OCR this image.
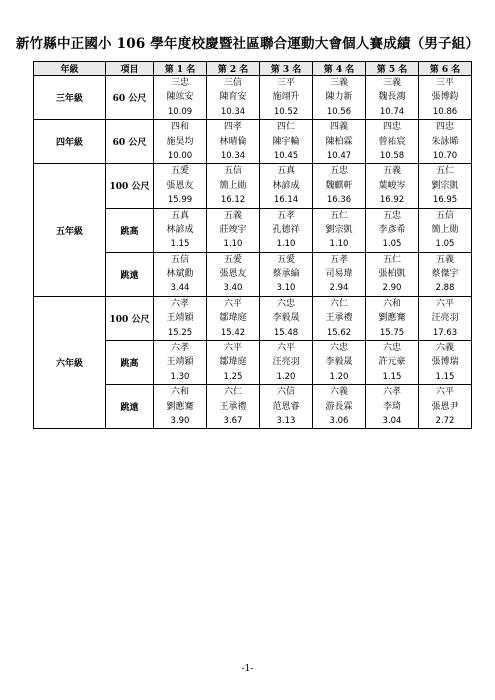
新竹縣中正國小 106 學年度校慶暨社區聯合運動大會個人賽成績（男子組）
年級	項目	第 1 名	第 2 名	第 3 名	第 4 名	第 5 名	第 6 名
三年級	60 公尺	三忠
陳竑安
10.09	三信
陳育安
10.34	三平
施翊升
10.52	三義
陳力新
10.56	三義
魏長鴻
10.74	三平
張博鈞
10.86

四年級	60 公尺	四和
施昊均
10.00	四孝
林晴倫
10.34	四仁
陳宇輪
10.45	四義
陳柏霖
10.47	四忠
曾祐宸
10.58	四忠
朱詠晞
10.70

五年級	100 公尺	五愛
張恩友
15.99	五信
簡上勛
16.12	五真
林諺成
16.14	五忠
魏麒軒
16.36	五義
葉峻岑
16.92	五仁
劉宗凱
16.95

	跳高	五真
林諺成
1.15	五義
莊竣宇
1.10	五孝
孔德祥
1.10	五仁
劉宗凱
1.10	五忠
李彥希
1.05	五信
簡上勛
1.05

	跳遠	五信
林斌勳
3.44	五愛
張恩友
3.40	五愛
蔡承綸
3.10	五孝
司易瑋
2.94	五仁
張柏凱
2.90	五義
蔡傑宇
2.88

六年級	100 公尺	六孝
王靖穎
15.25	六平
鄒瑋庭
15.42	六忠
李毅晟
15.48	六仁
王承禮
15.62	六和
劉應騫
15.75	六平
汪亮羽
17.63

	跳高	六孝
王靖穎
1.30	六平
鄒瑋庭
1.25	六平
汪亮羽
1.20	六忠
李毅晟
1.20	六忠
許元豪
1.15	六義
張博瑞
1.15

	跳遠	六和
劉應騫
3.90	六仁
王承禮
3.67	六信
范恩睿
3.13	六義
游長霖
3.06	六孝
李琦
3.04	六平
張恩尹
2.72
-1-
